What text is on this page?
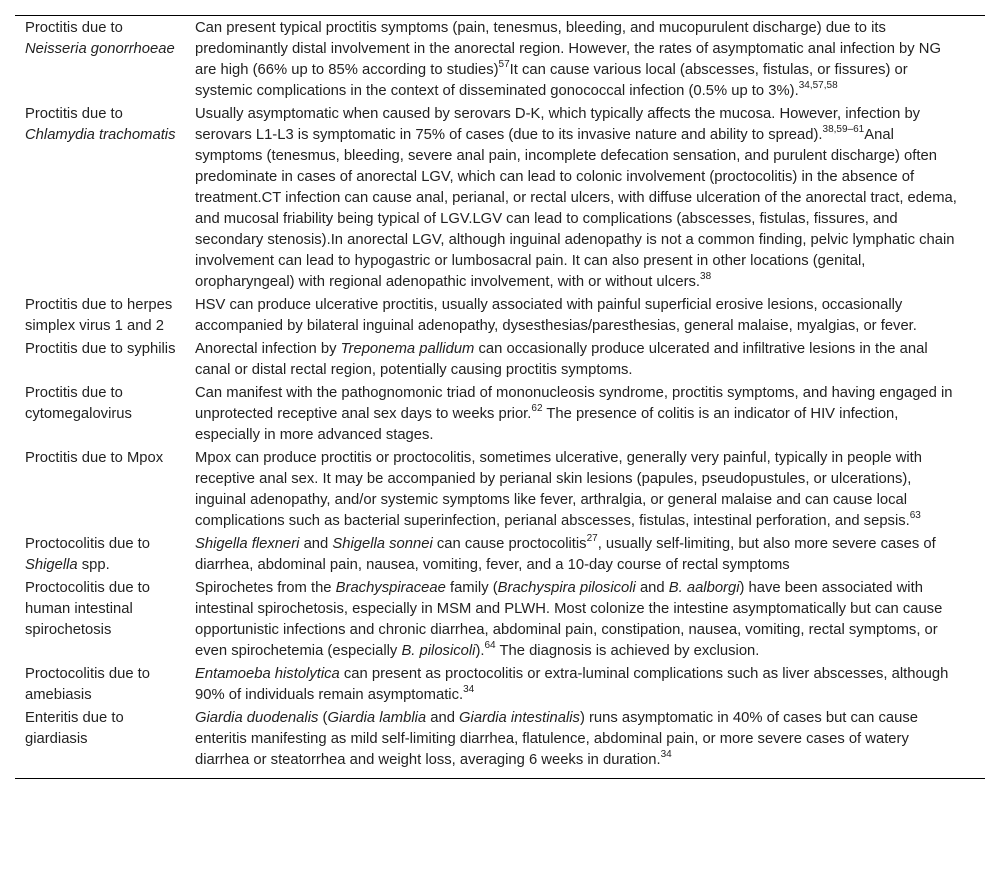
Proctitis due to Neisseria gonorrhoeae	Can present typical proctitis symptoms (pain, tenesmus, bleeding, and mucopurulent discharge) due to its predominantly distal involvement in the anorectal region. However, the rates of asymptomatic anal infection by NG are high (66% up to 85% according to studies)$^{57}$It can cause various local (abscesses, fistulas, or fissures) or systemic complications in the context of disseminated gonococcal infection (0.5% up to 3%).$^{34,57,58}$
Proctitis due to Chlamydia trachomatis	Usually asymptomatic when caused by serovars D-K, which typically affects the mucosa. However, infection by serovars L1-L3 is symptomatic in 75% of cases (due to its invasive nature and ability to spread).$^{38,59-61}$Anal symptoms (tenesmus, bleeding, severe anal pain, incomplete defecation sensation, and purulent discharge) often predominate in cases of anorectal LGV, which can lead to colonic involvement (proctocolitis) in the absence of treatment.CT infection can cause anal, perianal, or rectal ulcers, with diffuse ulceration of the anorectal tract, edema, and mucosal friability being typical of LGV.LGV can lead to complications (abscesses, fistulas, fissures, and secondary stenosis).In anorectal LGV, although inguinal adenopathy is not a common finding, pelvic lymphatic chain involvement can lead to hypogastric or lumbosacral pain. It can also present in other locations (genital, oropharyngeal) with regional adenopathic involvement, with or without ulcers.$^{38}$
Proctitis due to herpes simplex virus 1 and 2	HSV can produce ulcerative proctitis, usually associated with painful superficial erosive lesions, occasionally accompanied by bilateral inguinal adenopathy, dysesthesias/paresthesias, general malaise, myalgias, or fever.
Proctitis due to syphilis	Anorectal infection by Treponema pallidum can occasionally produce ulcerated and infiltrative lesions in the anal canal or distal rectal region, potentially causing proctitis symptoms.
Proctitis due to cytomegalovirus	Can manifest with the pathognomonic triad of mononucleosis syndrome, proctitis symptoms, and having engaged in unprotected receptive anal sex days to weeks prior.$^{62}$ The presence of colitis is an indicator of HIV infection, especially in more advanced stages.
Proctitis due to Mpox	Mpox can produce proctitis or proctocolitis, sometimes ulcerative, generally very painful, typically in people with receptive anal sex. It may be accompanied by perianal skin lesions (papules, pseudopustules, or ulcerations), inguinal adenopathy, and/or systemic symptoms like fever, arthralgia, or general malaise and can cause local complications such as bacterial superinfection, perianal abscesses, fistulas, intestinal perforation, and sepsis.$^{63}$
Proctocolitis due to Shigella spp.	Shigella flexneri and Shigella sonnei can cause proctocolitis$^{27}$, usually self-limiting, but also more severe cases of diarrhea, abdominal pain, nausea, vomiting, fever, and a 10-day course of rectal symptoms
Proctocolitis due to human intestinal spirochetosis	Spirochetes from the Brachyspiraceae family (Brachyspira pilosicoli and B. aalborgi) have been associated with intestinal spirochetosis, especially in MSM and PLWH. Most colonize the intestine asymptomatically but can cause opportunistic infections and chronic diarrhea, abdominal pain, constipation, nausea, vomiting, rectal symptoms, or even spirochetemia (especially B. pilosicoli).$^{64}$ The diagnosis is achieved by exclusion.
Proctocolitis due to amebiasis	Entamoeba histolytica can present as proctocolitis or extra-luminal complications such as liver abscesses, although 90% of individuals remain asymptomatic.$^{34}$
Enteritis due to giardiasis	Giardia duodenalis (Giardia lamblia and Giardia intestinalis) runs asymptomatic in 40% of cases but can cause enteritis manifesting as mild self-limiting diarrhea, flatulence, abdominal pain, or more severe cases of watery diarrhea or steatorrhea and weight loss, averaging 6 weeks in duration.$^{34}$
